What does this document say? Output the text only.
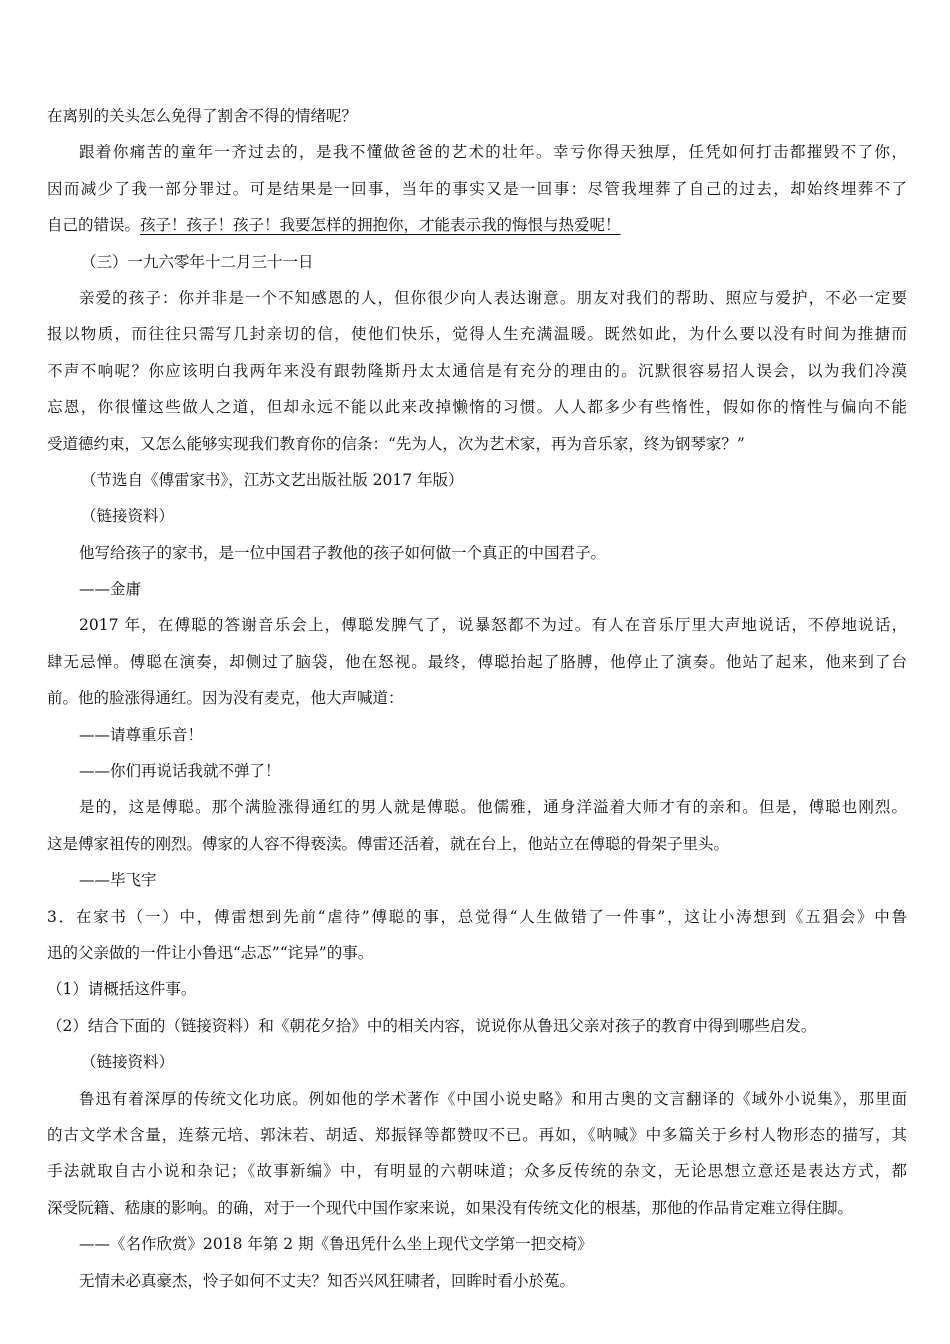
在离别的关头怎么免得了割舍不得的情绪呢？
跟着你痛苦的童年一齐过去的，是我不懂做爸爸的艺术的壮年。幸亏你得天独厚，任凭如何打击都摧毁不了你，
因而减少了我一部分罪过。可是结果是一回事，当年的事实又是一回事：尽管我埋葬了自己的过去，却始终埋葬不了
自己的错误。孩子！孩子！孩子！我要怎样的拥抱你，才能表示我的悔恨与热爱呢！
（三）一九六零年十二月三十一日
亲爱的孩子：你并非是一个不知感恩的人，但你很少向人表达谢意。朋友对我们的帮助、照应与爱护，不必一定要
报以物质，而往往只需写几封亲切的信，使他们快乐，觉得人生充满温暖。既然如此，为什么要以没有时间为推搪而
不声不响呢？你应该明白我两年来没有跟勃隆斯丹太太通信是有充分的理由的。沉默很容易招人误会，以为我们冷漠
忘恩，你很懂这些做人之道，但却永远不能以此来改掉懒惰的习惯。人人都多少有些惰性，假如你的惰性与偏向不能
受道德约束，又怎么能够实现我们教育你的信条：“先为人，次为艺术家，再为音乐家，终为钢琴家？”
（节选自《傅雷家书》，江苏文艺出版社版 2017 年版）
（链接资料）
他写给孩子的家书，是一位中国君子教他的孩子如何做一个真正的中国君子。
——金庸
2017 年，在傅聪的答谢音乐会上，傅聪发脾气了，说暴怒都不为过。有人在音乐厅里大声地说话，不停地说话，
肆无忌惮。傅聪在演奏，却侧过了脑袋，他在怒视。最终，傅聪抬起了胳膊，他停止了演奏。他站了起来，他来到了台
前。他的脸涨得通红。因为没有麦克，他大声喊道：
——请尊重乐音！
——你们再说话我就不弹了！
是的，这是傅聪。那个满脸涨得通红的男人就是傅聪。他儒雅，通身洋溢着大师才有的亲和。但是，傅聪也刚烈。
这是傅家祖传的刚烈。傅家的人容不得亵渎。傅雷还活着，就在台上，他站立在傅聪的骨架子里头。
——毕飞宇
3．在家书（一）中，傅雷想到先前“虐待”傅聪的事，总觉得“人生做错了一件事”，这让小涛想到《五猖会》中鲁
迅的父亲做的一件让小鲁迅“忐忑”“诧异”的事。
（1）请概括这件事。
（2）结合下面的（链接资料）和《朝花夕拾》中的相关内容，说说你从鲁迅父亲对孩子的教育中得到哪些启发。
（链接资料）
鲁迅有着深厚的传统文化功底。例如他的学术著作《中国小说史略》和用古奥的文言翻译的《域外小说集》，那里面
的古文学术含量，连蔡元培、郭沫若、胡适、郑振铎等都赞叹不已。再如，《呐喊》中多篇关于乡村人物形态的描写，其
手法就取自古小说和杂记；《故事新编》中，有明显的六朝味道；众多反传统的杂文，无论思想立意还是表达方式，都
深受阮籍、嵇康的影响。的确，对于一个现代中国作家来说，如果没有传统文化的根基，那他的作品肯定难立得住脚。
——《名作欣赏》2018 年第 2 期《鲁迅凭什么坐上现代文学第一把交椅》
无情未必真豪杰，怜子如何不丈夫？知否兴风狂啸者，回眸时看小於菟。
